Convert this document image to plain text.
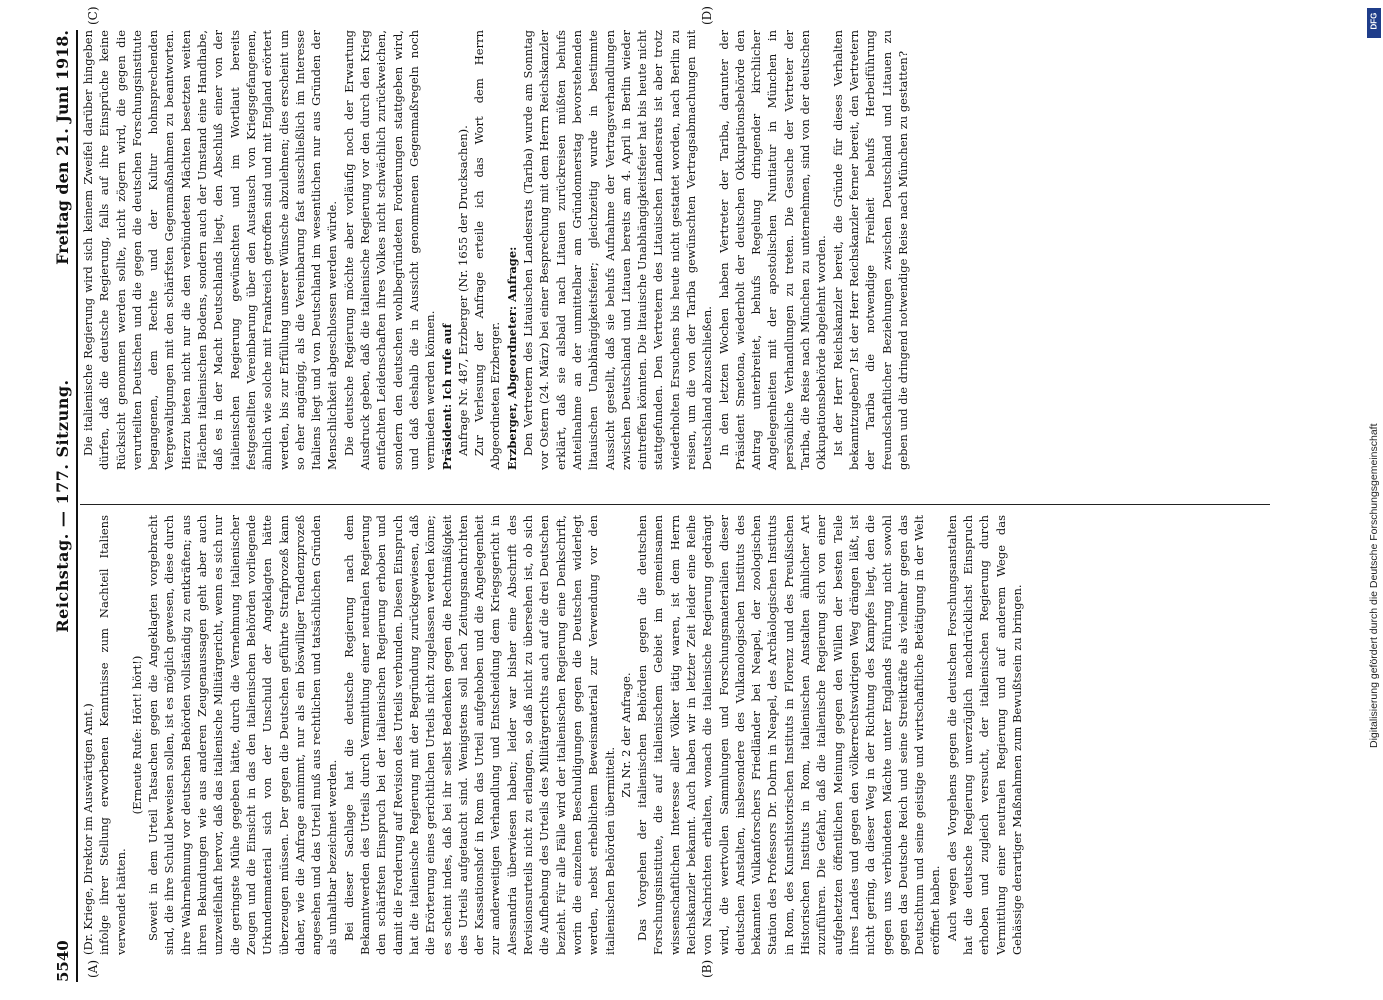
5540
Reichstag. — 177. Sitzung.
Freitag den 21. Juni 1918.
(A)	(B)
(C)	(D)

(Dr. Kriege, Direktor im Auswärtigen Amt.) infolge ihrer Stellung erworbenen Kenntnisse zum Nachteil Italiens verwendet hätten.

(Erneute Rufe: Hört! hört!) Soweit in dem Urteil Tatsachen gegen die Angeklagten vorgebracht sind, die ihre Schuld beweisen sollen, ist es möglich gewesen, diese durch ihre Wahrnehmung vor deutschen Behörden vollständig zu entkräften; aus ihren Bekundungen wie aus anderen Zeugenaussagen geht aber auch unzweifelhaft hervor, daß das italienische Militärgericht, wenn es sich nur die geringste Mühe gegeben hätte, durch die Vernehmung italienischer Zeugen und die Einsicht in das den italienischen Behörden vorliegende Urkundenmaterial sich von der Unschuld der Angeklagten hätte überzeugen müssen. Der gegen die Deutschen geführte Strafprozeß kann daher, wie die Anfrage annimmt, nur als ein böswilliger Tendenzprozeß angesehen und das Urteil muß aus rechtlichen und tatsächlichen Gründen als unhaltbar bezeichnet werden. Bei dieser Sachlage hat die deutsche Regierung nach dem Bekanntwerden des Urteils durch Vermittlung einer neutralen Regierung den schärfsten Einspruch bei der italienischen Regierung erhoben und damit die Forderung auf Revision des Urteils verbunden. Diesen Einspruch hat die italienische Regierung mit der Begründung zurückgewiesen, daß die Erörterung eines gerichtlichen Urteils nicht zugelassen werden könne; es scheint indes, daß bei ihr selbst Bedenken gegen die Rechtmäßigkeit des Urteils aufgetaucht sind. Wenigstens soll nach Zeitungsnachrichten der Kassationshof in Rom das Urteil aufgehoben und die Angelegenheit zur anderweitigen Verhandlung und Entscheidung dem Kriegsgericht in Alessandria überwiesen haben; leider war bisher eine Abschrift des Revisionsurteils nicht zu erlangen, so daß nicht zu übersehen ist, ob sich die Aufhebung des Urteils des Militärgerichts auch auf die drei Deutschen bezieht. Für alle Fälle wird der italienischen Regierung eine Denkschrift, worin die einzelnen Beschuldigungen gegen die Deutschen widerlegt werden, nebst erheblichem Beweismaterial zur Verwendung vor den italienischen Behörden übermittelt.

Zu Nr. 2 der Anfrage. Das Vorgehen der italienischen Behörden gegen die deutschen Forschungsinstitute, die auf italienischem Gebiet im gemeinsamen wissenschaftlichen Interesse aller Völker tätig waren, ist dem Herrn Reichskanzler bekannt. Auch haben wir in letzter Zeit leider eine Reihe von Nachrichten erhalten, wonach die italienische Regierung gedrängt wird, die wertvollen Sammlungen und Forschungsmaterialien dieser deutschen Anstalten, insbesondere des Vulkanologischen Instituts des bekannten Vulkanforschers Friedländer bei Neapel, der zoologischen Station des Professors Dr. Dohrn in Neapel, des Archäologischen Instituts in Rom, des Kunsthistorischen Instituts in Florenz und des Preußischen Historischen Instituts in Rom, italienischen Anstalten ähnlicher Art zuzuführen. Die Gefahr, daß die italienische Regierung sich von einer aufgehetzten öffentlichen Meinung gegen den Willen der besten Teile ihres Landes und gegen den völkerrechtswidrigen Weg drängen läßt, ist nicht gering, da dieser Weg in der Richtung des Kampfes liegt, den die gegen uns verbündeten Mächte unter Englands Führung nicht sowohl gegen das Deutsche Reich und seine Streitkräfte als vielmehr gegen das Deutschtum und seine geistige und wirtschaftliche Betätigung in der Welt eröffnet haben. Auch wegen des Vorgehens gegen die deutschen Forschungsanstalten hat die deutsche Regierung unverzüglich nachdrücklichst Einspruch erhoben und zugleich versucht, der italienischen Regierung durch Vermittlung einer neutralen Regierung und auf anderem Wege das Gehässige derartiger Maßnahmen zum Bewußtsein zu bringen.

Die italienische Regierung wird sich keinem Zweifel darüber hingeben dürfen, daß die deutsche Regierung, falls auf ihre Einsprüche keine Rücksicht genommen werden sollte, nicht zögern wird, die gegen die verurteilten Deutschen und die gegen die deutschen Forschungsinstitute begangenen, dem Rechte und der Kultur hohnsprechenden Vergewaltigungen mit den schärfsten Gegenmaßnahmen zu beantworten. Hierzu bieten nicht nur die den verbündeten Mächten besetzten weiten Flächen italienischen Bodens, sondern auch der Umstand eine Handhabe, daß es in der Macht Deutschlands liegt, den Abschluß einer von der italienischen Regierung gewünschten und im Wortlaut bereits festgestellten Vereinbarung über den Austausch von Kriegsgefangenen, ähnlich wie solche mit Frankreich getroffen sind und mit England erörtert werden, bis zur Erfüllung unserer Wünsche abzulehnen; dies erscheint um so eher angängig, als die Vereinbarung fast ausschließlich im Interesse Italiens liegt und von Deutschland im wesentlichen nur aus Gründen der Menschlichkeit abgeschlossen werden würde. Die deutsche Regierung möchte aber vorläufig noch der Erwartung Ausdruck geben, daß die italienische Regierung vor den durch den Krieg entfachten Leidenschaften ihres Volkes nicht schwächlich zurückweichen, sondern den deutschen wohlbegründeten Forderungen stattgeben wird, und daß deshalb die in Aussicht genommenen Gegenmaßregeln noch vermieden werden können. Präsident: Ich rufe auf Anfrage Nr. 487, Erzberger (Nr. 1655 der Drucksachen). Zur Verlesung der Anfrage erteile ich das Wort dem Herrn Abgeordneten Erzberger. Erzberger, Abgeordneter: Anfrage: Den Vertretern des Litauischen Landesrats (Tariba) wurde am Sonntag vor Ostern (24. März) bei einer Besprechung mit dem Herrn Reichskanzler erklärt, daß sie alsbald nach Litauen zurückreisen müßten behufs Anteilnahme an der unmittelbar am Gründonnerstag bevorstehenden litauischen Unabhängigkeitsfeier; gleichzeitig wurde in bestimmte Aussicht gestellt, daß sie behufs Aufnahme der Vertragsverhandlungen zwischen Deutschland und Litauen bereits am 4. April in Berlin wieder eintreffen könnten. Die litauische Unabhängigkeitsfeier hat bis heute nicht stattgefunden. Den Vertretern des Litauischen Landesrats ist aber trotz wiederholten Ersuchens bis heute nicht gestattet worden, nach Berlin zu reisen, um die von der Tariba gewünschten Vertragsabmachungen mit Deutschland abzuschließen. In den letzten Wochen haben Vertreter der Tariba, darunter der Präsident Smetona, wiederholt der deutschen Okkupationsbehörde den Antrag unterbreitet, behufs Regelung dringender kirchlicher Angelegenheiten mit der apostolischen Nuntiatur in München in persönliche Verhandlungen zu treten. Die Gesuche der Vertreter der Tariba, die Reise nach München zu unternehmen, sind von der deutschen Okkupationsbehörde abgelehnt worden. Ist der Herr Reichskanzler bereit, die Gründe für dieses Verhalten bekanntzugeben? Ist der Herr Reichskanzler ferner bereit, den Vertretern der Tariba die notwendige Freiheit behufs Herbeiführung freundschaftlicher Beziehungen zwischen Deutschland und Litauen zu geben und die dringend notwendige Reise nach München zu gestatten?

DFG
Digitalisierung gefördert durch die Deutsche Forschungsgemeinschaft
